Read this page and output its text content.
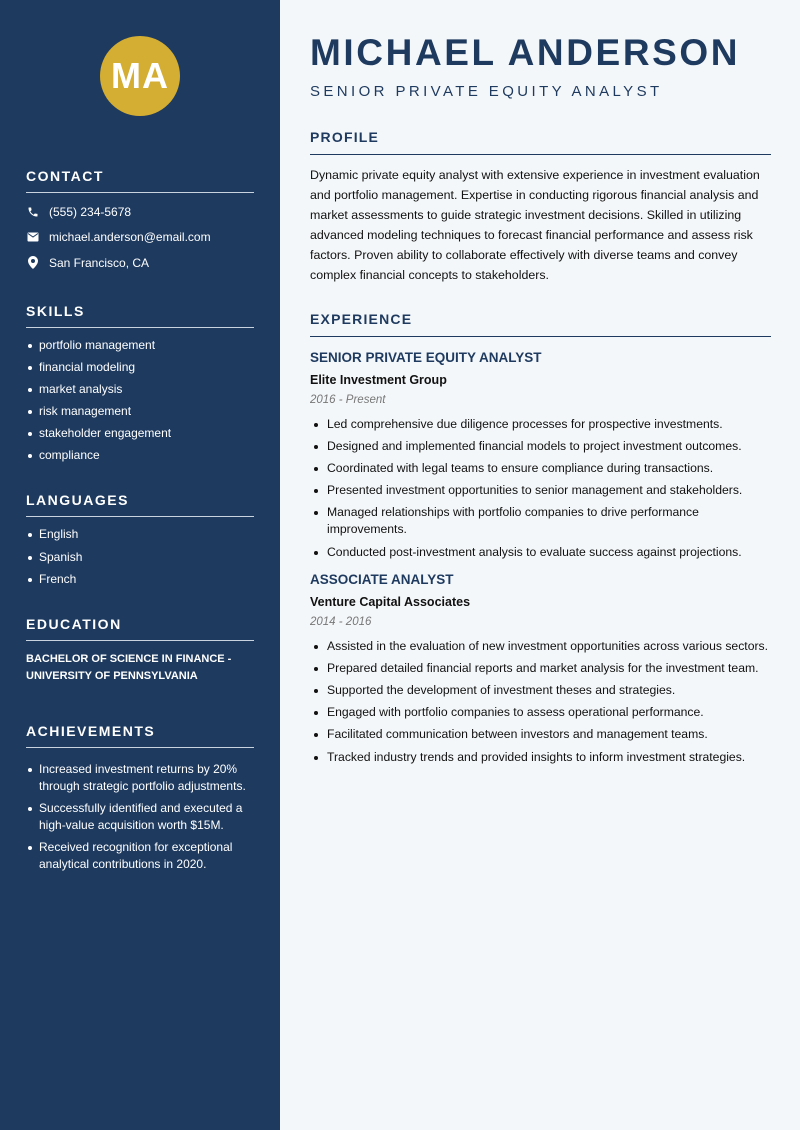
MA
CONTACT
(555) 234-5678
michael.anderson@email.com
San Francisco, CA
SKILLS
portfolio management
financial modeling
market analysis
risk management
stakeholder engagement
compliance
LANGUAGES
English
Spanish
French
EDUCATION
BACHELOR OF SCIENCE IN FINANCE - UNIVERSITY OF PENNSYLVANIA
ACHIEVEMENTS
Increased investment returns by 20% through strategic portfolio adjustments.
Successfully identified and executed a high-value acquisition worth $15M.
Received recognition for exceptional analytical contributions in 2020.
MICHAEL ANDERSON
SENIOR PRIVATE EQUITY ANALYST
PROFILE

Dynamic private equity analyst with extensive experience in investment evaluation and portfolio management. Expertise in conducting rigorous financial analysis and market assessments to guide strategic investment decisions. Skilled in utilizing advanced modeling techniques to forecast financial performance and assess risk factors. Proven ability to collaborate effectively with diverse teams and convey complex financial concepts to stakeholders.

EXPERIENCE
SENIOR PRIVATE EQUITY ANALYST
Elite Investment Group
2016 - Present
Led comprehensive due diligence processes for prospective investments.
Designed and implemented financial models to project investment outcomes.
Coordinated with legal teams to ensure compliance during transactions.
Presented investment opportunities to senior management and stakeholders.
Managed relationships with portfolio companies to drive performance improvements.
Conducted post-investment analysis to evaluate success against projections.
ASSOCIATE ANALYST
Venture Capital Associates
2014 - 2016
Assisted in the evaluation of new investment opportunities across various sectors.
Prepared detailed financial reports and market analysis for the investment team.
Supported the development of investment theses and strategies.
Engaged with portfolio companies to assess operational performance.
Facilitated communication between investors and management teams.
Tracked industry trends and provided insights to inform investment strategies.
